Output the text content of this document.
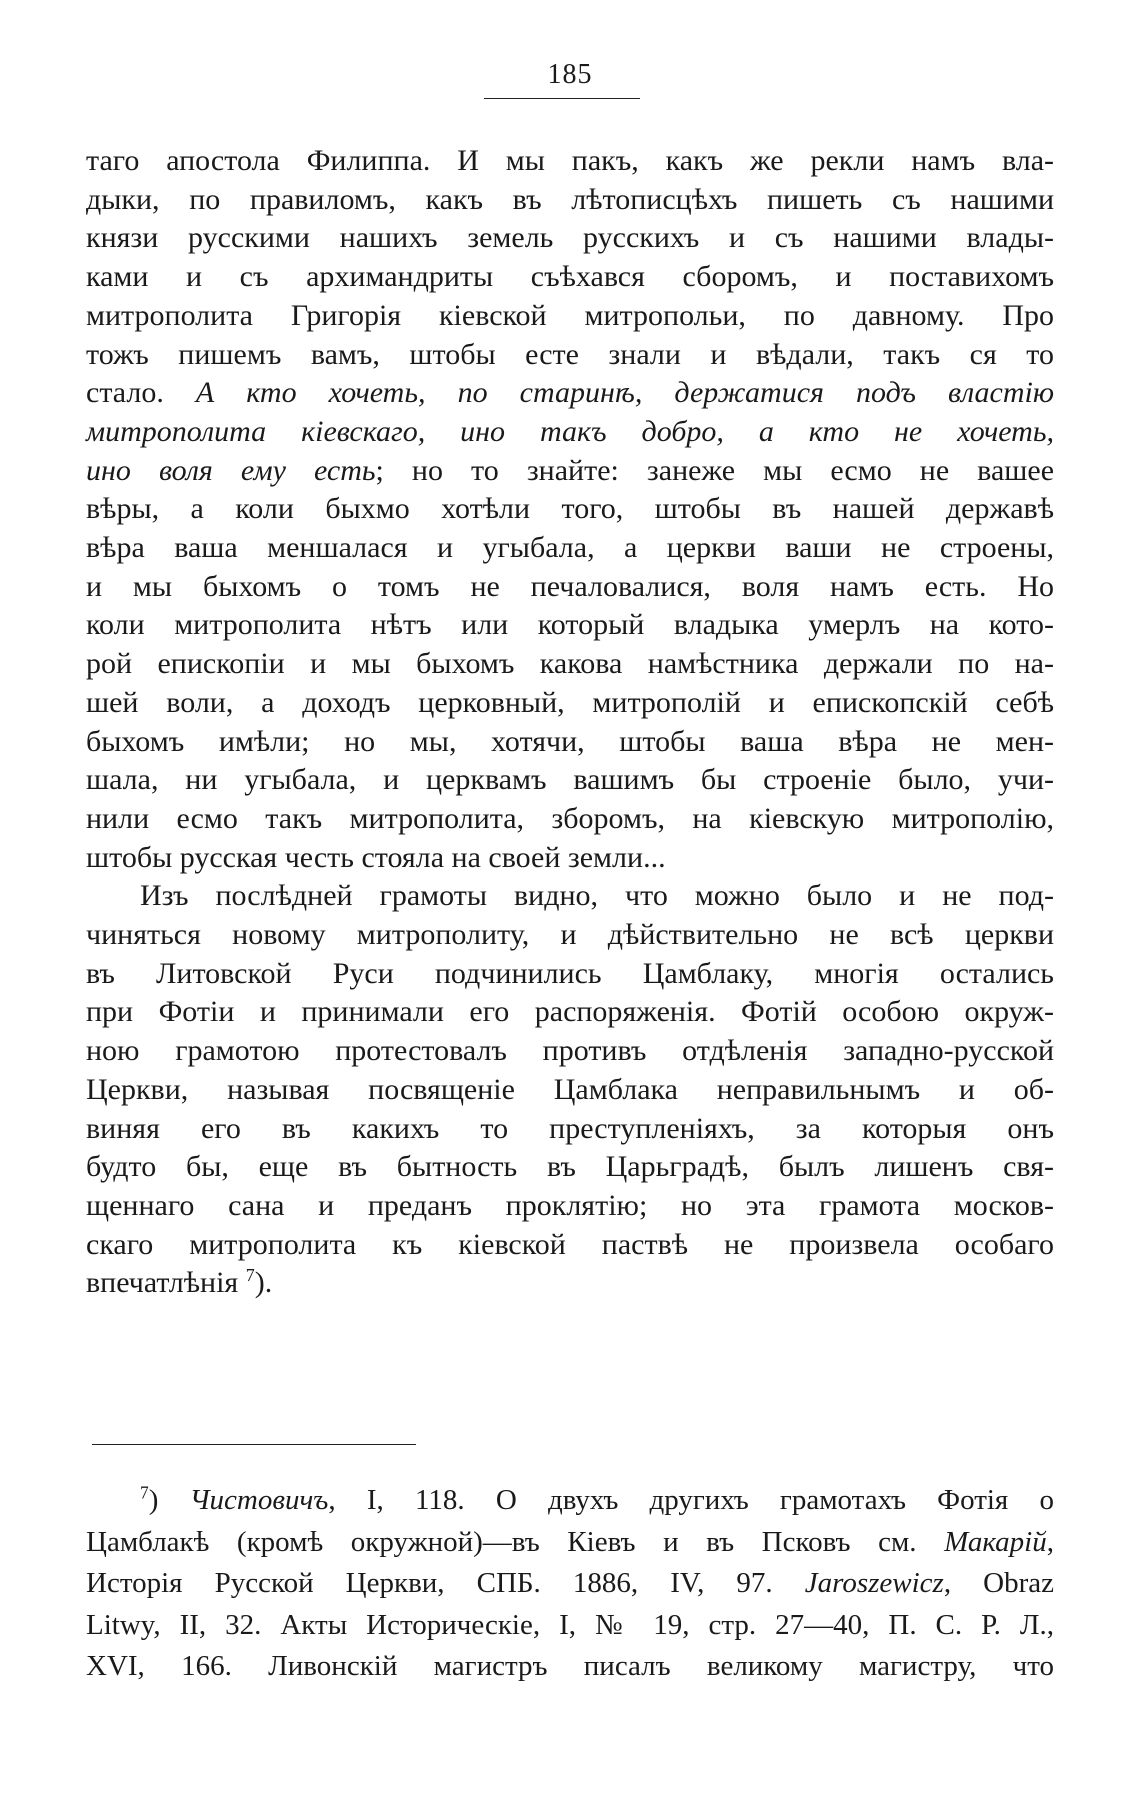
185
таго апостола Филиппа. И мы пакъ, какъ же рекли намъ вла-
дыки, по правиломъ, какъ въ лѣтописцѣхъ пишеть съ нашими
князи русскими нашихъ земель русскихъ и съ нашими влады-
ками и съ архимандриты съѣхався сборомъ, и поставихомъ
митрополита Григорія кіевской митропольи, по давному. Про
тожъ пишемъ вамъ, штобы есте знали и вѣдали, такъ ся то
стало. А кто хочеть, по старинѣ, держатися подъ властію
митрополита кіевскаго, ино такъ добро, а кто не хочеть,
ино воля ему есть; но то знайте: занеже мы есмо не вашее
вѣры, а коли быхмо хотѣли того, штобы въ нашей державѣ
вѣра ваша меншалася и угыбала, а церкви ваши не строены,
и мы быхомъ о томъ не печаловалися, воля намъ есть. Но
коли митрополита нѣтъ или который владыка умерлъ на кото-
рой епископіи и мы быхомъ какова намѣстника держали по на-
шей воли, а доходъ церковный, митрополій и епископскій себѣ
быхомъ имѣли; но мы, хотячи, штобы ваша вѣра не мен-
шала, ни угыбала, и церквамъ вашимъ бы строеніе было, учи-
нили есмо такъ митрополита, зборомъ, на кіевскую митрополію,
штобы русская честь стояла на своей земли...
Изъ послѣдней грамоты видно, что можно было и не под-
чиняться новому митрополиту, и дѣйствительно не всѣ церкви
въ Литовской Руси подчинились Цамблаку, многія остались
при Фотіи и принимали его распоряженія. Фотій особою окруж-
ною грамотою протестовалъ противъ отдѣленія западно-русской
Церкви, называя посвященіе Цамблака неправильнымъ и об-
виняя его въ какихъ то преступленіяхъ, за которыя онъ
будто бы, еще въ бытность въ Царьградѣ, былъ лишенъ свя-
щеннаго сана и преданъ проклятію; но эта грамота москов-
скаго митрополита къ кіевской паствѣ не произвела особаго
впечатлѣнія $^7$).
$^7$) Чистовичъ, I, 118. О двухъ другихъ грамотахъ Фотія о
Цамблакѣ (кромѣ окружной)—въ Кіевъ и въ Псковъ см. Макарій,
Исторія Русской Церкви, СПБ. 1886, IV, 97. Jaroszewicz, Obraz
Litwy, II, 32. Акты Историческіе, I, № 19, стр. 27—40, П. С. Р. Л.,
XVI, 166. Ливонскій магистръ писалъ великому магистру, что
